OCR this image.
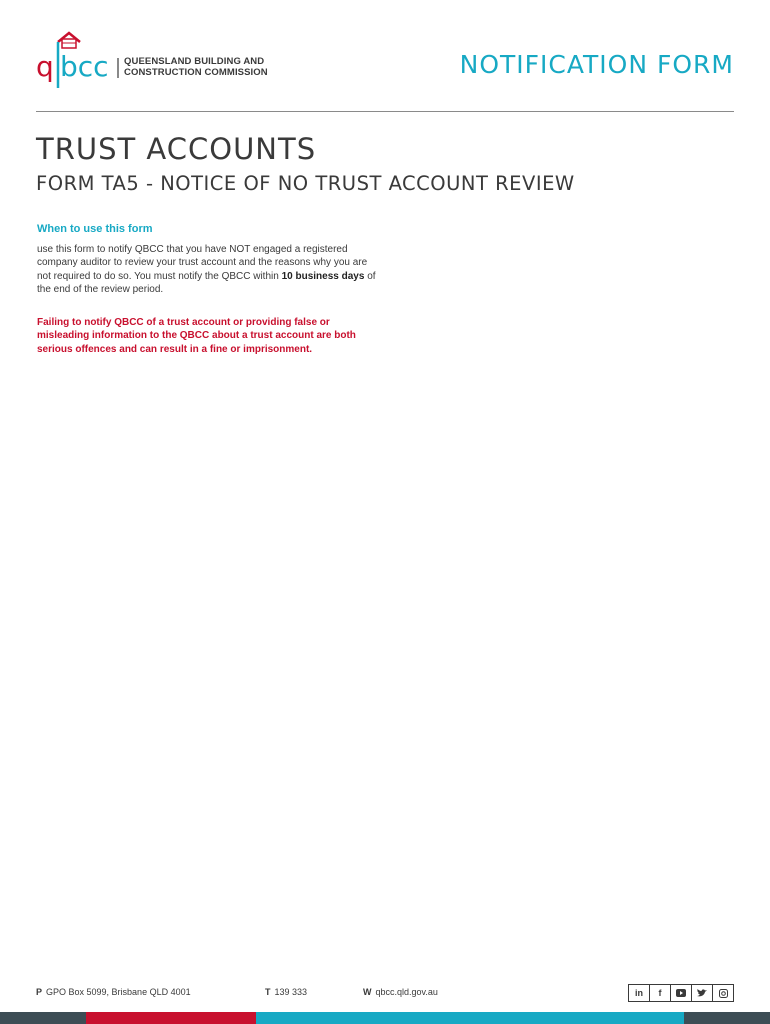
q bcc QUEENSLAND BUILDING AND
CONSTRUCTION COMMISSION	NOTIFICATION FORM
TRUST ACCOUNTS
FORM TA5 - NOTICE OF NO TRUST ACCOUNT REVIEW
When to use this form
use this form to notify QBCC that you have NOT engaged a registered company auditor to review your trust account and the reasons why you are not required to do so. You must notify the QBCC within 10 business days of the end of the review period.
Failing to notify QBCC of a trust account or providing false or misleading information to the QBCC about a trust account are both serious offences and can result in a fine or imprisonment.
P GPO Box 5099, Brisbane QLD 4001	T 139 333	W qbcc.qld.gov.au	in	f
